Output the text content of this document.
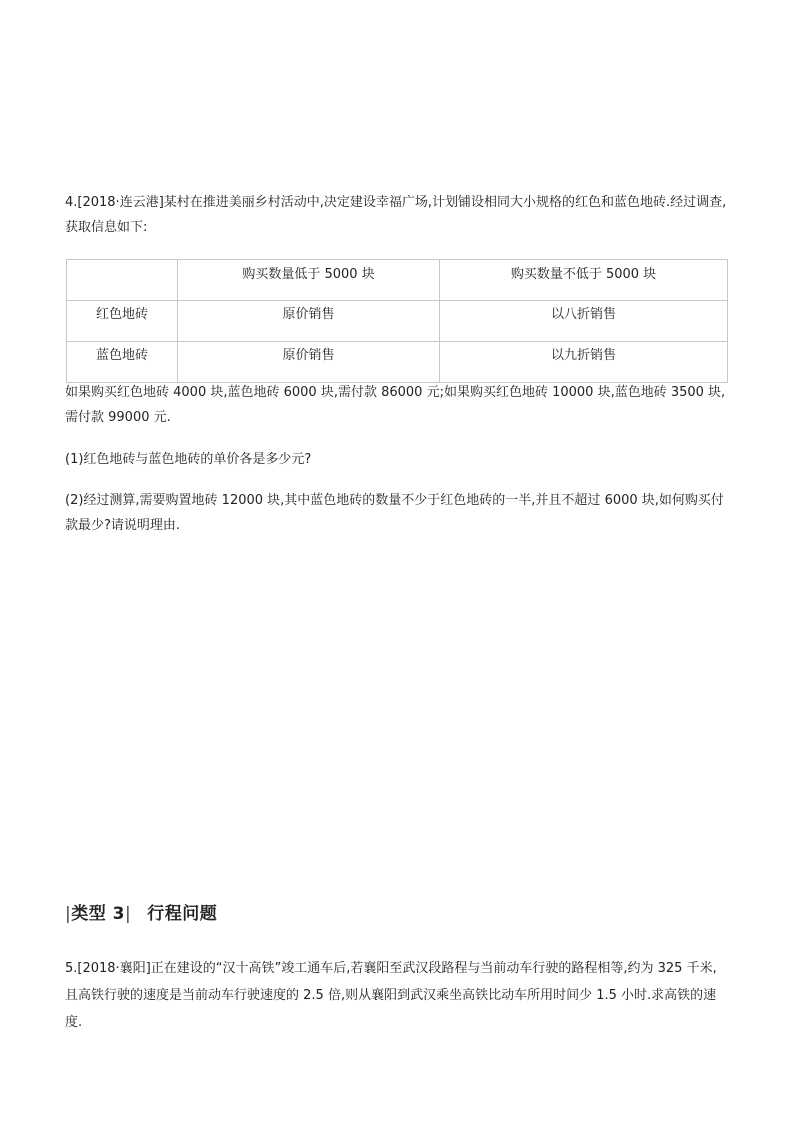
4.[2018·连云港]某村在推进美丽乡村活动中,决定建设幸福广场,计划铺设相同大小规格的红色和蓝色地砖.经过调查,获取信息如下:
	购买数量低于 5000 块	购买数量不低于 5000 块
红色地砖	原价销售	以八折销售
蓝色地砖	原价销售	以九折销售
如果购买红色地砖 4000 块,蓝色地砖 6000 块,需付款 86000 元;如果购买红色地砖 10000 块,蓝色地砖 3500 块,需付款 99000 元.
(1)红色地砖与蓝色地砖的单价各是多少元?
(2)经过测算,需要购置地砖 12000 块,其中蓝色地砖的数量不少于红色地砖的一半,并且不超过 6000 块,如何购买付款最少?请说明理由.
|类型 3| 行程问题
5.[2018·襄阳]正在建设的“汉十高铁”竣工通车后,若襄阳至武汉段路程与当前动车行驶的路程相等,约为 325 千米,且高铁行驶的速度是当前动车行驶速度的 2.5 倍,则从襄阳到武汉乘坐高铁比动车所用时间少 1.5 小时.求高铁的速度.
